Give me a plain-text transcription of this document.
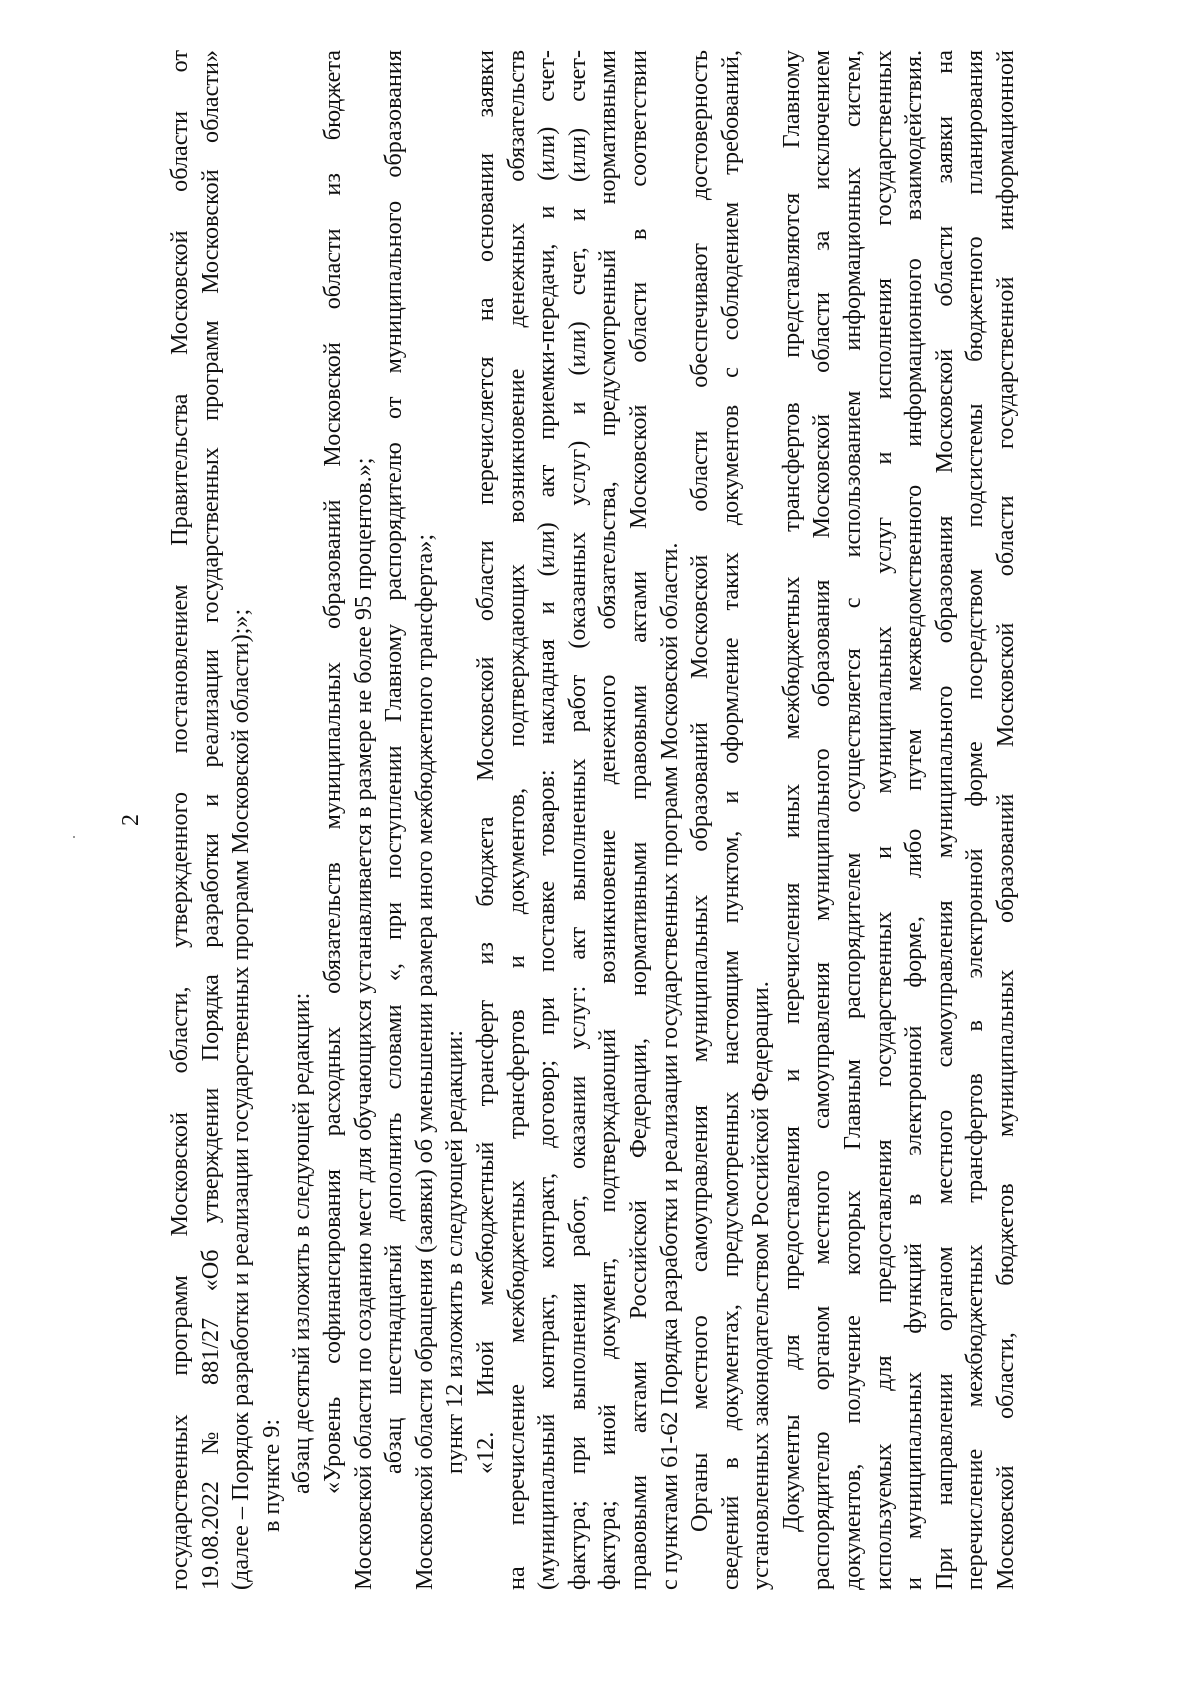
2 государственных программ Московской области, утвержденного постановлением Правительства Московской области от 19.08.2022 № 881/27 «Об утверждении Порядка разработки и реализации государственных программ Московской области» (далее – Порядок разработки и реализации государственных программ Московской области);»; в пункте 9: абзац десятый изложить в следующей редакции: «Уровень софинансирования расходных обязательств муниципальных образований Московской области из бюджета Московской области по созданию мест для обучающихся устанавливается в размере не более 95 процентов.»; абзац шестнадцатый дополнить словами «, при поступлении Главному распорядителю от муниципального образования Московской области обращения (заявки) об уменьшении размера иного межбюджетного трансферта»; пункт 12 изложить в следующей редакции: «12. Иной межбюджетный трансферт из бюджета Московской области перечисляется на основании заявки на перечисление межбюджетных трансфертов и документов, подтверждающих возникновение денежных обязательств (муниципальный контракт, контракт, договор; при поставке товаров: накладная и (или) акт приемки-передачи, и (или) счет- фактура; при выполнении работ, оказании услуг: акт выполненных работ (оказанных услуг) и (или) счет, и (или) счет- фактура; иной документ, подтверждающий возникновение денежного обязательства, предусмотренный нормативными правовыми актами Российской Федерации, нормативными правовыми актами Московской области в соответствии с пунктами 61-62 Порядка разработки и реализации государственных программ Московской области. Органы местного самоуправления муниципальных образований Московской области обеспечивают достоверность сведений в документах, предусмотренных настоящим пунктом, и оформление таких документов с соблюдением требований, установленных законодательством Российской Федерации. Документы для предоставления и перечисления иных межбюджетных трансфертов представляются Главному распорядителю органом местного самоуправления муниципального образования Московской области за исключением документов, получение которых Главным распорядителем осуществляется с использованием информационных систем, используемых для предоставления государственных и муниципальных услуг и исполнения государственных и муниципальных функций в электронной форме, либо путем межведомственного информационного взаимодействия. При направлении органом местного самоуправления муниципального образования Московской области заявки на перечисление межбюджетных трансфертов в электронной форме посредством подсистемы бюджетного планирования Московской области, бюджетов муниципальных образований Московской области государственной информационной
